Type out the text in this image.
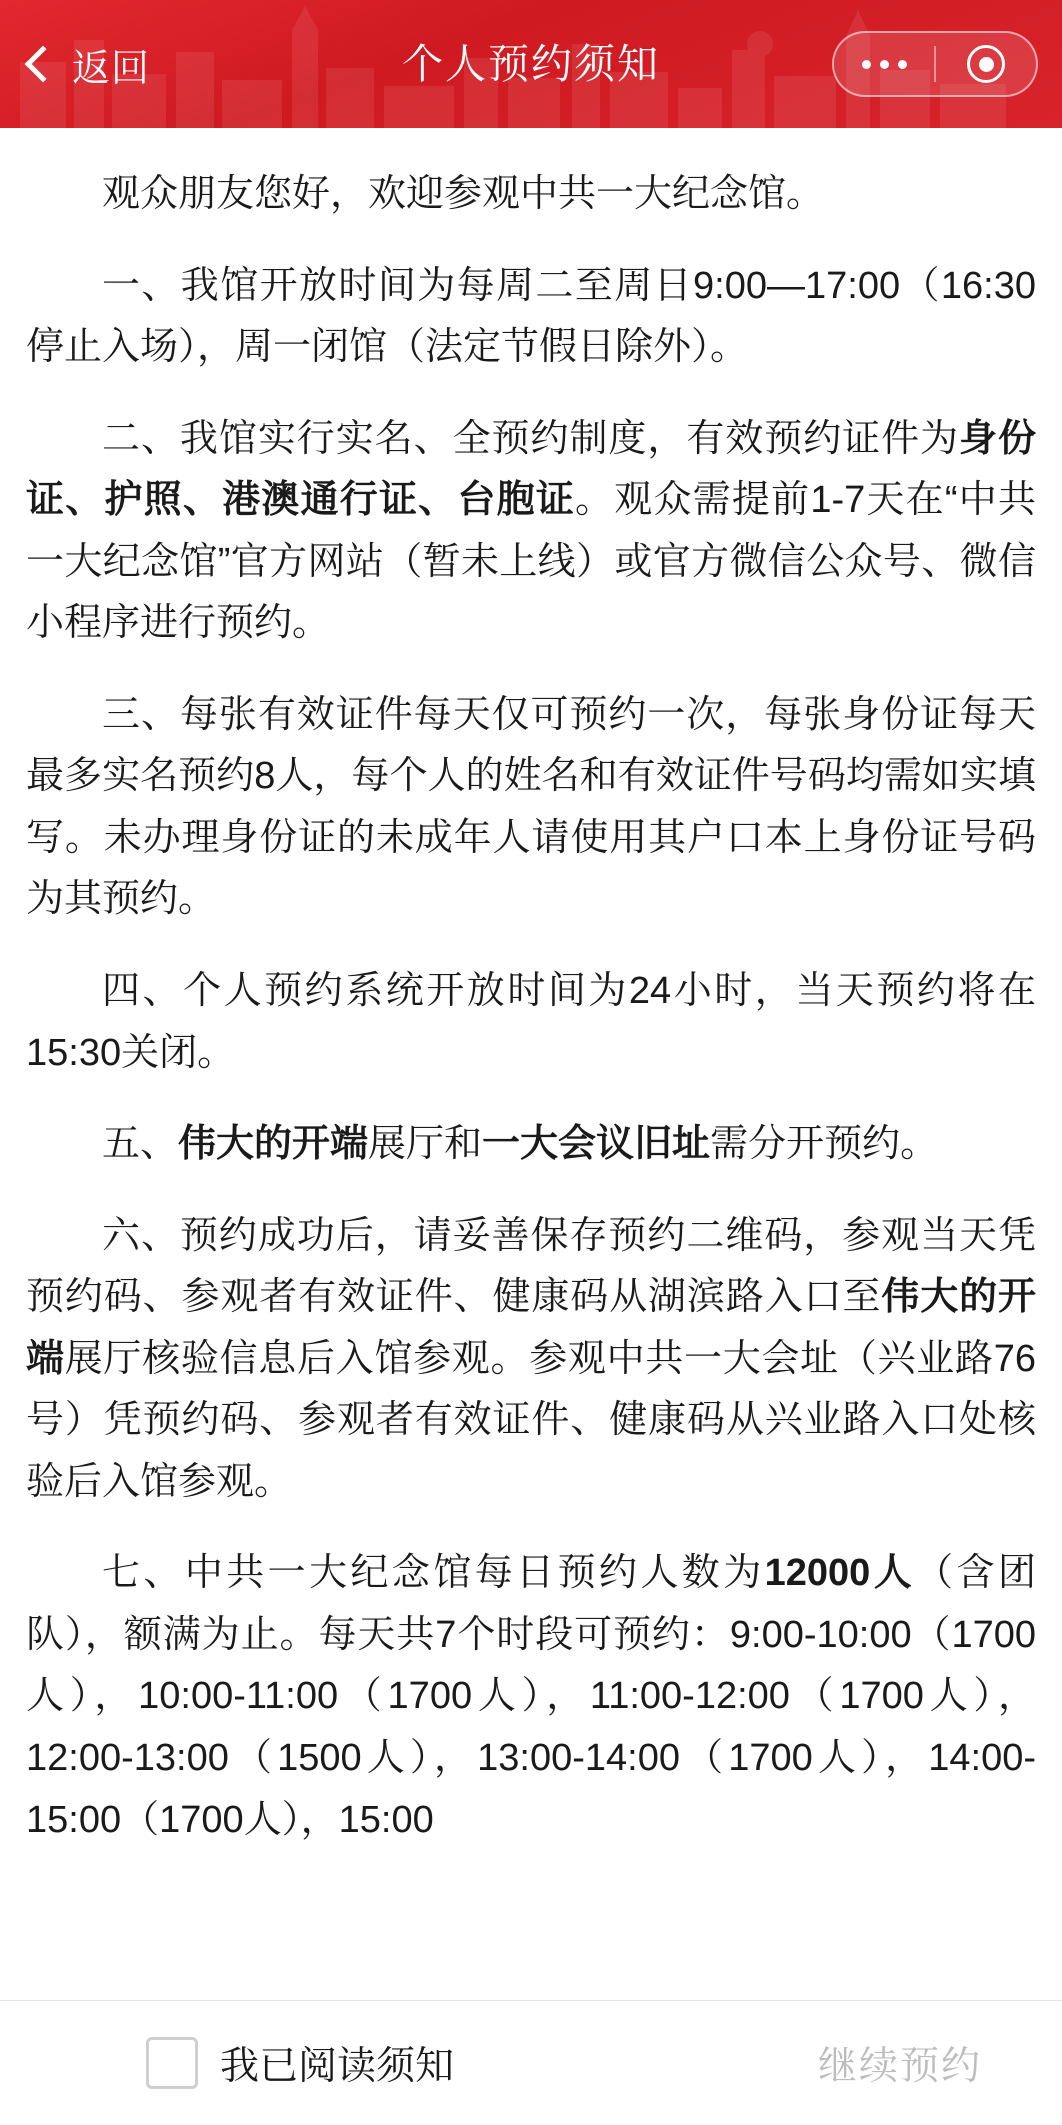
个人预约须知
返回
观众朋友您好，欢迎参观中共一大纪念馆。
一、我馆开放时间为每周二至周日9:00—17:00（16:30停止入场），周一闭馆（法定节假日除外）。
二、我馆实行实名、全预约制度，有效预约证件为身份证、护照、港澳通行证、台胞证。观众需提前1-7天在“中共一大纪念馆”官方网站（暂未上线）或官方微信公众号、微信小程序进行预约。
三、每张有效证件每天仅可预约一次，每张身份证每天最多实名预约8人，每个人的姓名和有效证件号码均需如实填写。未办理身份证的未成年人请使用其户口本上身份证号码为其预约。
四、个人预约系统开放时间为24小时，当天预约将在15:30关闭。
五、伟大的开端展厅和一大会议旧址需分开预约。
六、预约成功后，请妥善保存预约二维码，参观当天凭预约码、参观者有效证件、健康码从湖滨路入口至伟大的开端展厅核验信息后入馆参观。参观中共一大会址（兴业路76号）凭预约码、参观者有效证件、健康码从兴业路入口处核验后入馆参观。
七、中共一大纪念馆每日预约人数为12000人（含团队），额满为止。每天共7个时段可预约：9:00-10:00（1700人），10:00-11:00（1700人），11:00-12:00（1700人），12:00-13:00（1500人），13:00-14:00（1700人），14:00-15:00（1700人），15:00
我已阅读须知	继续预约
